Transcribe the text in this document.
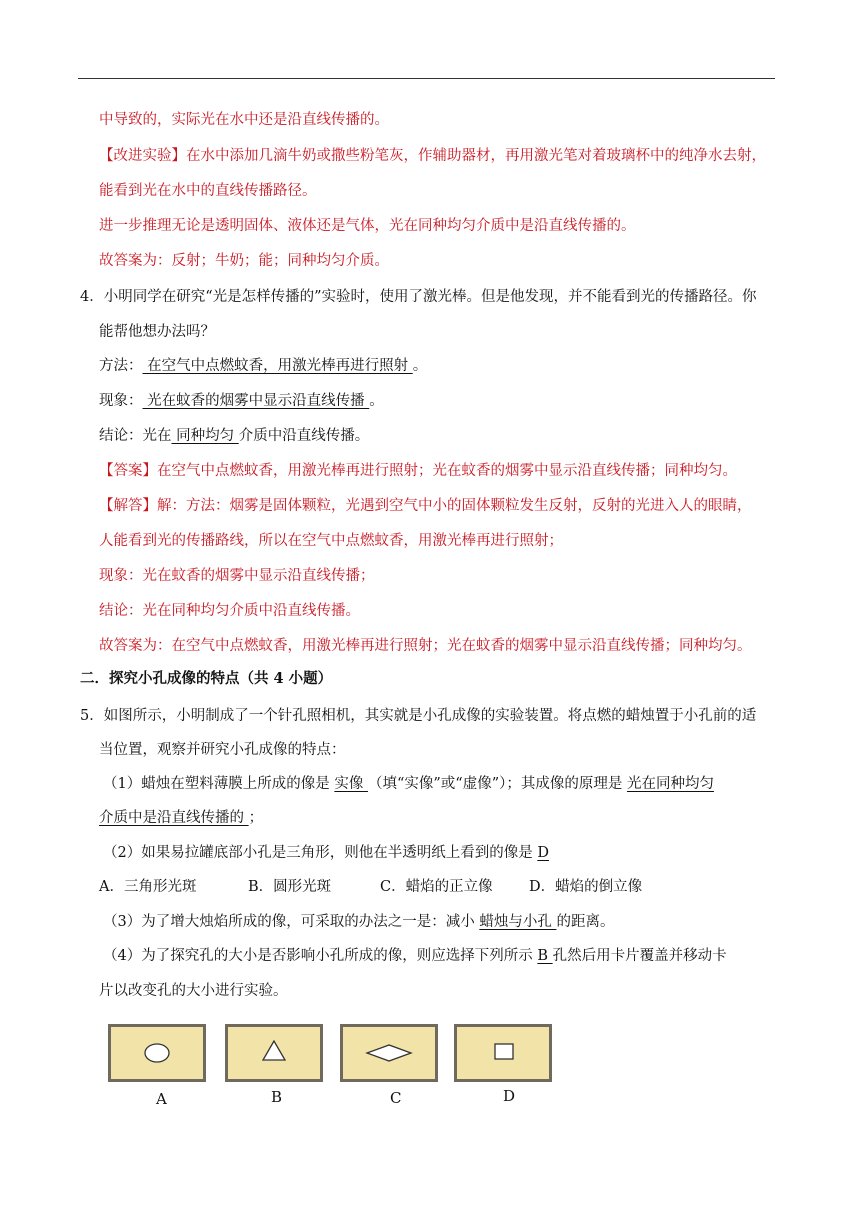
中导致的，实际光在水中还是沿直线传播的。
【改进实验】在水中添加几滴牛奶或撒些粉笔灰，作辅助器材，再用激光笔对着玻璃杯中的纯净水去射，
能看到光在水中的直线传播路径。
进一步推理无论是透明固体、液体还是气体，光在同种均匀介质中是沿直线传播的。
故答案为：反射；牛奶；能；同种均匀介质。
4．小明同学在研究“光是怎样传播的”实验时，使用了激光棒。但是他发现，并不能看到光的传播路径。你
能帮他想办法吗？
方法： 在空气中点燃蚊香，用激光棒再进行照射 。
现象： 光在蚊香的烟雾中显示沿直线传播 。
结论：光在 同种均匀 介质中沿直线传播。
【答案】在空气中点燃蚊香，用激光棒再进行照射；光在蚊香的烟雾中显示沿直线传播；同种均匀。
【解答】解：方法：烟雾是固体颗粒，光遇到空气中小的固体颗粒发生反射，反射的光进入人的眼睛，
人能看到光的传播路线，所以在空气中点燃蚊香，用激光棒再进行照射；
现象：光在蚊香的烟雾中显示沿直线传播；
结论：光在同种均匀介质中沿直线传播。
故答案为：在空气中点燃蚊香，用激光棒再进行照射；光在蚊香的烟雾中显示沿直线传播；同种均匀。
二．探究小孔成像的特点（共 4 小题）
5．如图所示，小明制成了一个针孔照相机，其实就是小孔成像的实验装置。将点燃的蜡烛置于小孔前的适
当位置，观察并研究小孔成像的特点：
（1）蜡烛在塑料薄膜上所成的像是 实像 （填“实像”或“虚像”）；其成像的原理是 光在同种均匀
介质中是沿直线传播的 ；
（2）如果易拉罐底部小孔是三角形，则他在半透明纸上看到的像是 D
A．三角形光斑	B．圆形光斑	C．蜡焰的正立像	D．蜡焰的倒立像
（3）为了增大烛焰所成的像，可采取的办法之一是：减小 蜡烛与小孔 的距离。
（4）为了探究孔的大小是否影响小孔所成的像，则应选择下列所示 B 孔然后用卡片覆盖并移动卡
片以改变孔的大小进行实验。
A	B	C	D
